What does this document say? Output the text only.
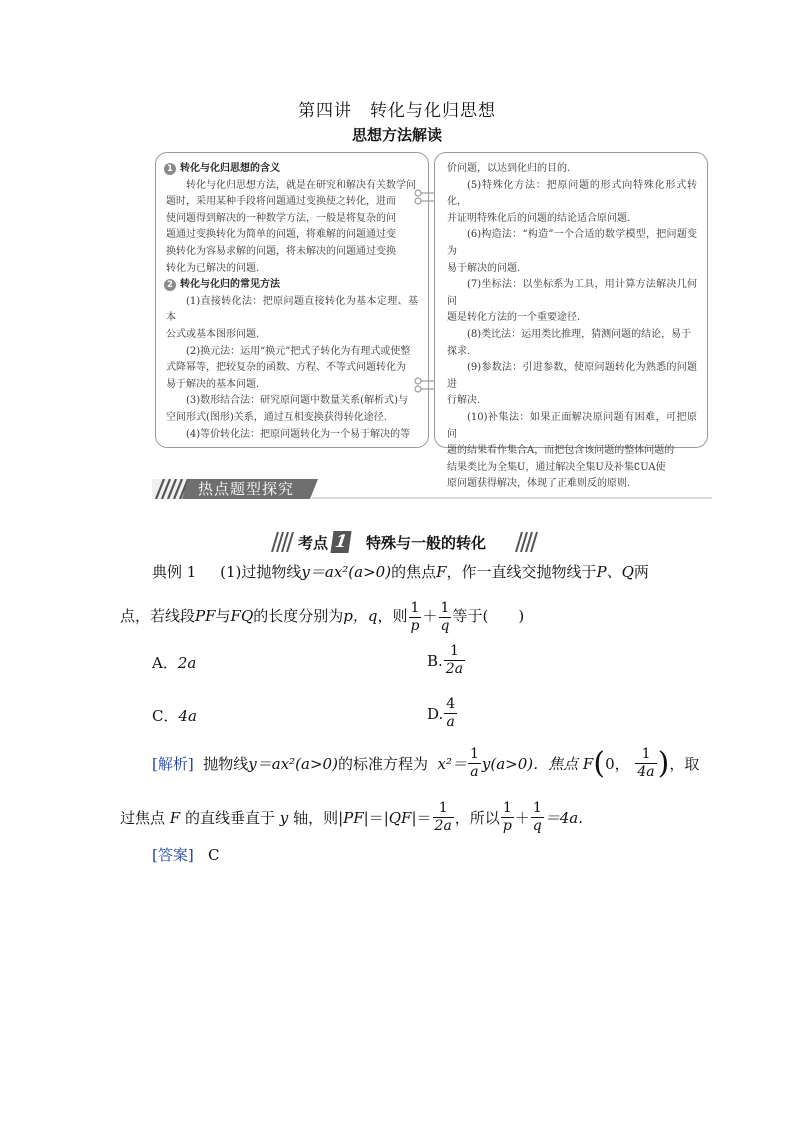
第四讲　转化与化归思想
思想方法解读
1 转化与化归思想的含义
转化与化归思想方法，就是在研究和解决有关数学问
题时，采用某种手段将问题通过变换使之转化，进而
使问题得到解决的一种数学方法，一般是将复杂的问
题通过变换转化为简单的问题，将难解的问题通过变
换转化为容易求解的问题，将未解决的问题通过变换
转化为已解决的问题.
2 转化与化归的常见方法
(1)直接转化法：把原问题直接转化为基本定理、基本
公式或基本图形问题.
(2)换元法：运用“换元”把式子转化为有理式或使整
式降幂等，把较复杂的函数、方程、不等式问题转化为
易于解决的基本问题.
(3)数形结合法：研究原问题中数量关系(解析式)与
空间形式(图形)关系，通过互相变换获得转化途径.
(4)等价转化法：把原问题转化为一个易于解决的等
价问题，以达到化归的目的.
(5)特殊化方法：把原问题的形式向特殊化形式转化，
并证明特殊化后的问题的结论适合原问题.
(6)构造法：“构造”一个合适的数学模型，把问题变为
易于解决的问题.
(7)坐标法：以坐标系为工具，用计算方法解决几何问
题是转化方法的一个重要途径.
(8)类比法：运用类比推理，猜测问题的结论，易于
探求.
(9)参数法：引进参数，使原问题转化为熟悉的问题进
行解决.
(10)补集法：如果正面解决原问题有困难，可把原问
题的结果看作集合A，而把包含该问题的整体问题的
结果类比为全集U，通过解决全集U及补集∁UA使
原问题获得解决，体现了正难则反的原则.
热点题型探究
考点 1 特殊与一般的转化
典例 1 (1)过抛物线y＝ax²(a>0)的焦点F，作一直线交抛物线于P、Q两
点，若线段PF与FQ的长度分别为p，q，则 $\frac{1}{p} + \frac{1}{q}$ 等于(　　)
A．2a	B. $\frac{1}{2a}$
C．4a	D. $\frac{4}{a}$
[解析]
抛物线 y＝ax²(a>0) 的标准方程为
$x^2= \frac{1}{a} y(a>0)$．焦点
F ( 0，
$\frac{1}{4a}$ ) ，取
过焦点
F
的直线垂直于
y
轴，则| PF |＝| QF |＝ $\frac{1}{2a}$ ，所以 $\frac{1}{p} + \frac{1}{q} =4a$.
[答案] C
